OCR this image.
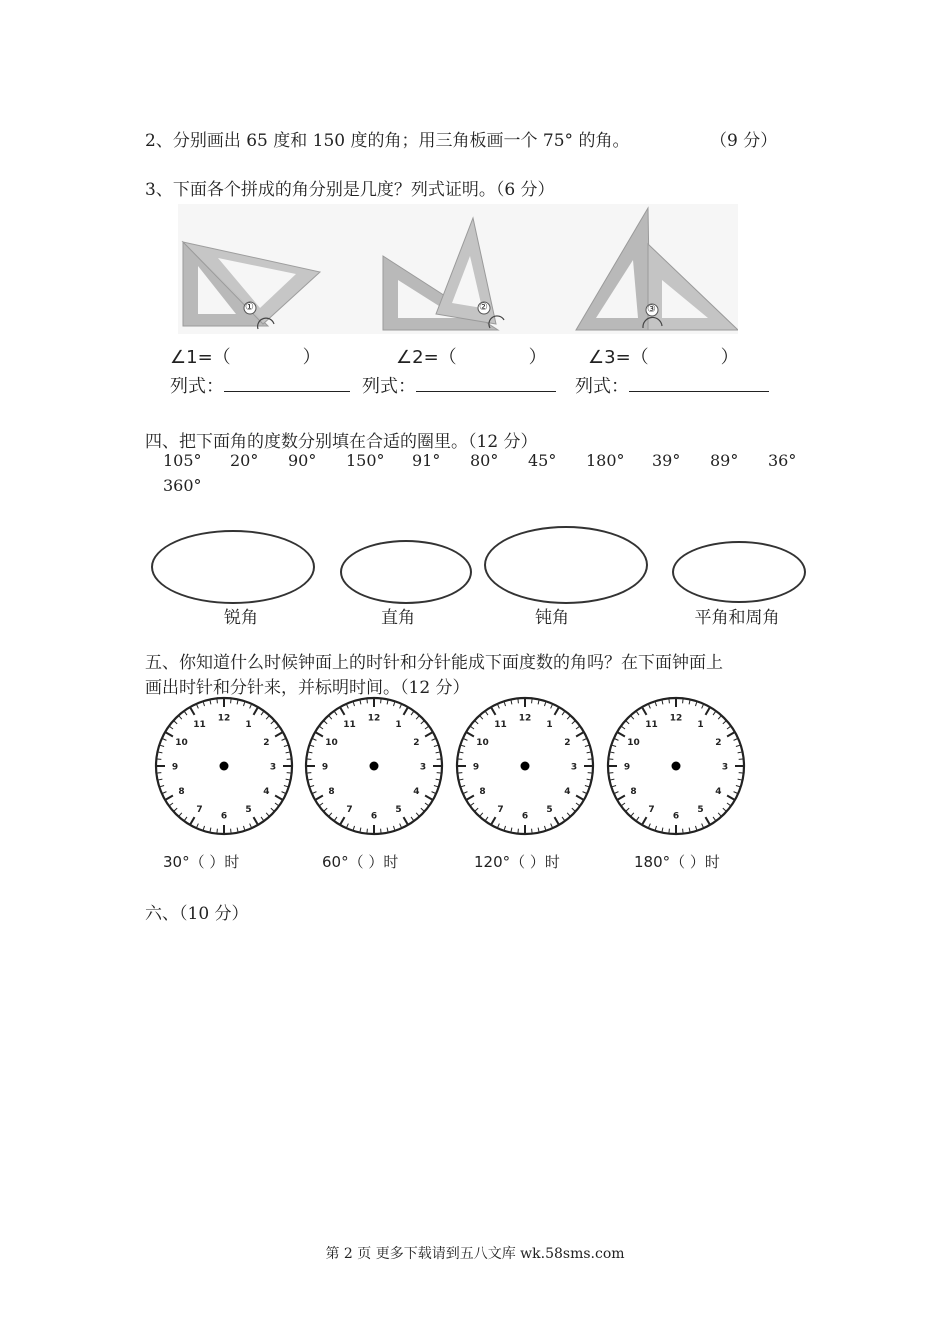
2、分别画出 65 度和 150 度的角；用三角板画一个 75° 的角。	（9 分）
3、下面各个拼成的角分别是几度？列式证明。（6 分）
①	②	③
∠1=（	）	∠2=（	） ∠3=（	）
列式：	列式：	列式：
四、把下面角的度数分别填在合适的圈里。（12 分）
105° 20° 90° 150° 91° 80° 45° 180° 39° 89° 36°
360°
锐角	直角	钝角	平角和周角
五、你知道什么时候钟面上的时针和分针能成下面度数的角吗？在下面钟面上
画出时针和分针来，并标明时间。（12 分）
12
1
2
3
4
5
6
7
8
9
10
11
12
1
2
3
4
5
6
7
8
9
10
11
12
1
2
3
4
5
6
7
8
9
10
11
12
1
2
3
4
5
6
7
8
9
10
11
30°（ ）时	60°（ ）时	120°（ ）时	180°（ ）时
六、（10 分）
第 2 页 更多下载请到五八文库 wk.58sms.com
